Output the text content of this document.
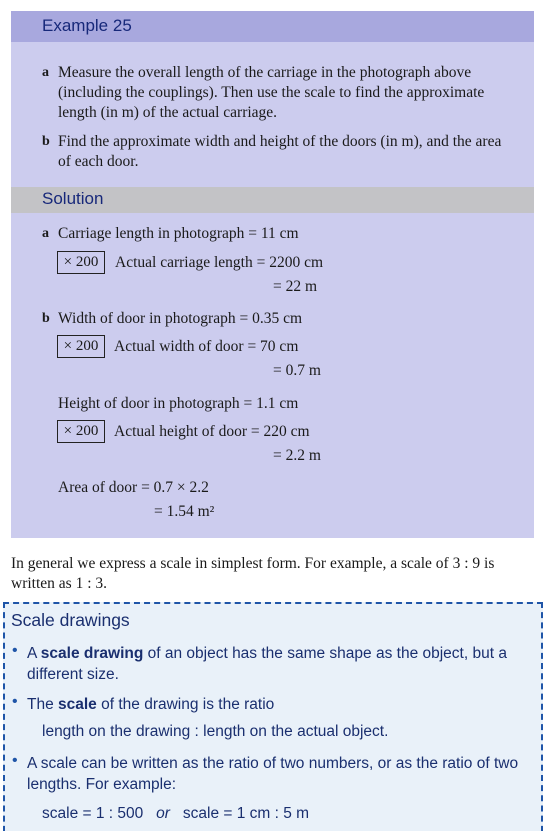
Example 25
a Measure the overall length of the carriage in the photograph above (including the couplings). Then use the scale to find the approximate length (in m) of the actual carriage.
b Find the approximate width and height of the doors (in m), and the area of each door.
Solution
a Carriage length in photograph = 11 cm
× 200	Actual carriage length = 2200 cm
= 22 m
b Width of door in photograph = 0.35 cm
× 200	Actual width of door = 70 cm
= 0.7 m
Height of door in photograph = 1.1 cm
× 200	Actual height of door = 220 cm
= 2.2 m
Area of door = 0.7 × 2.2
= 1.54 m²
In general we express a scale in simplest form. For example, a scale of 3 : 9 is written as 1 : 3.
Scale drawings
• A scale drawing of an object has the same shape as the object, but a different size.
• The scale of the drawing is the ratio
length on the drawing : length on the actual object.
• A scale can be written as the ratio of two numbers, or as the ratio of two lengths. For example:
scale = 1 : 500 or scale = 1 cm : 5 m
